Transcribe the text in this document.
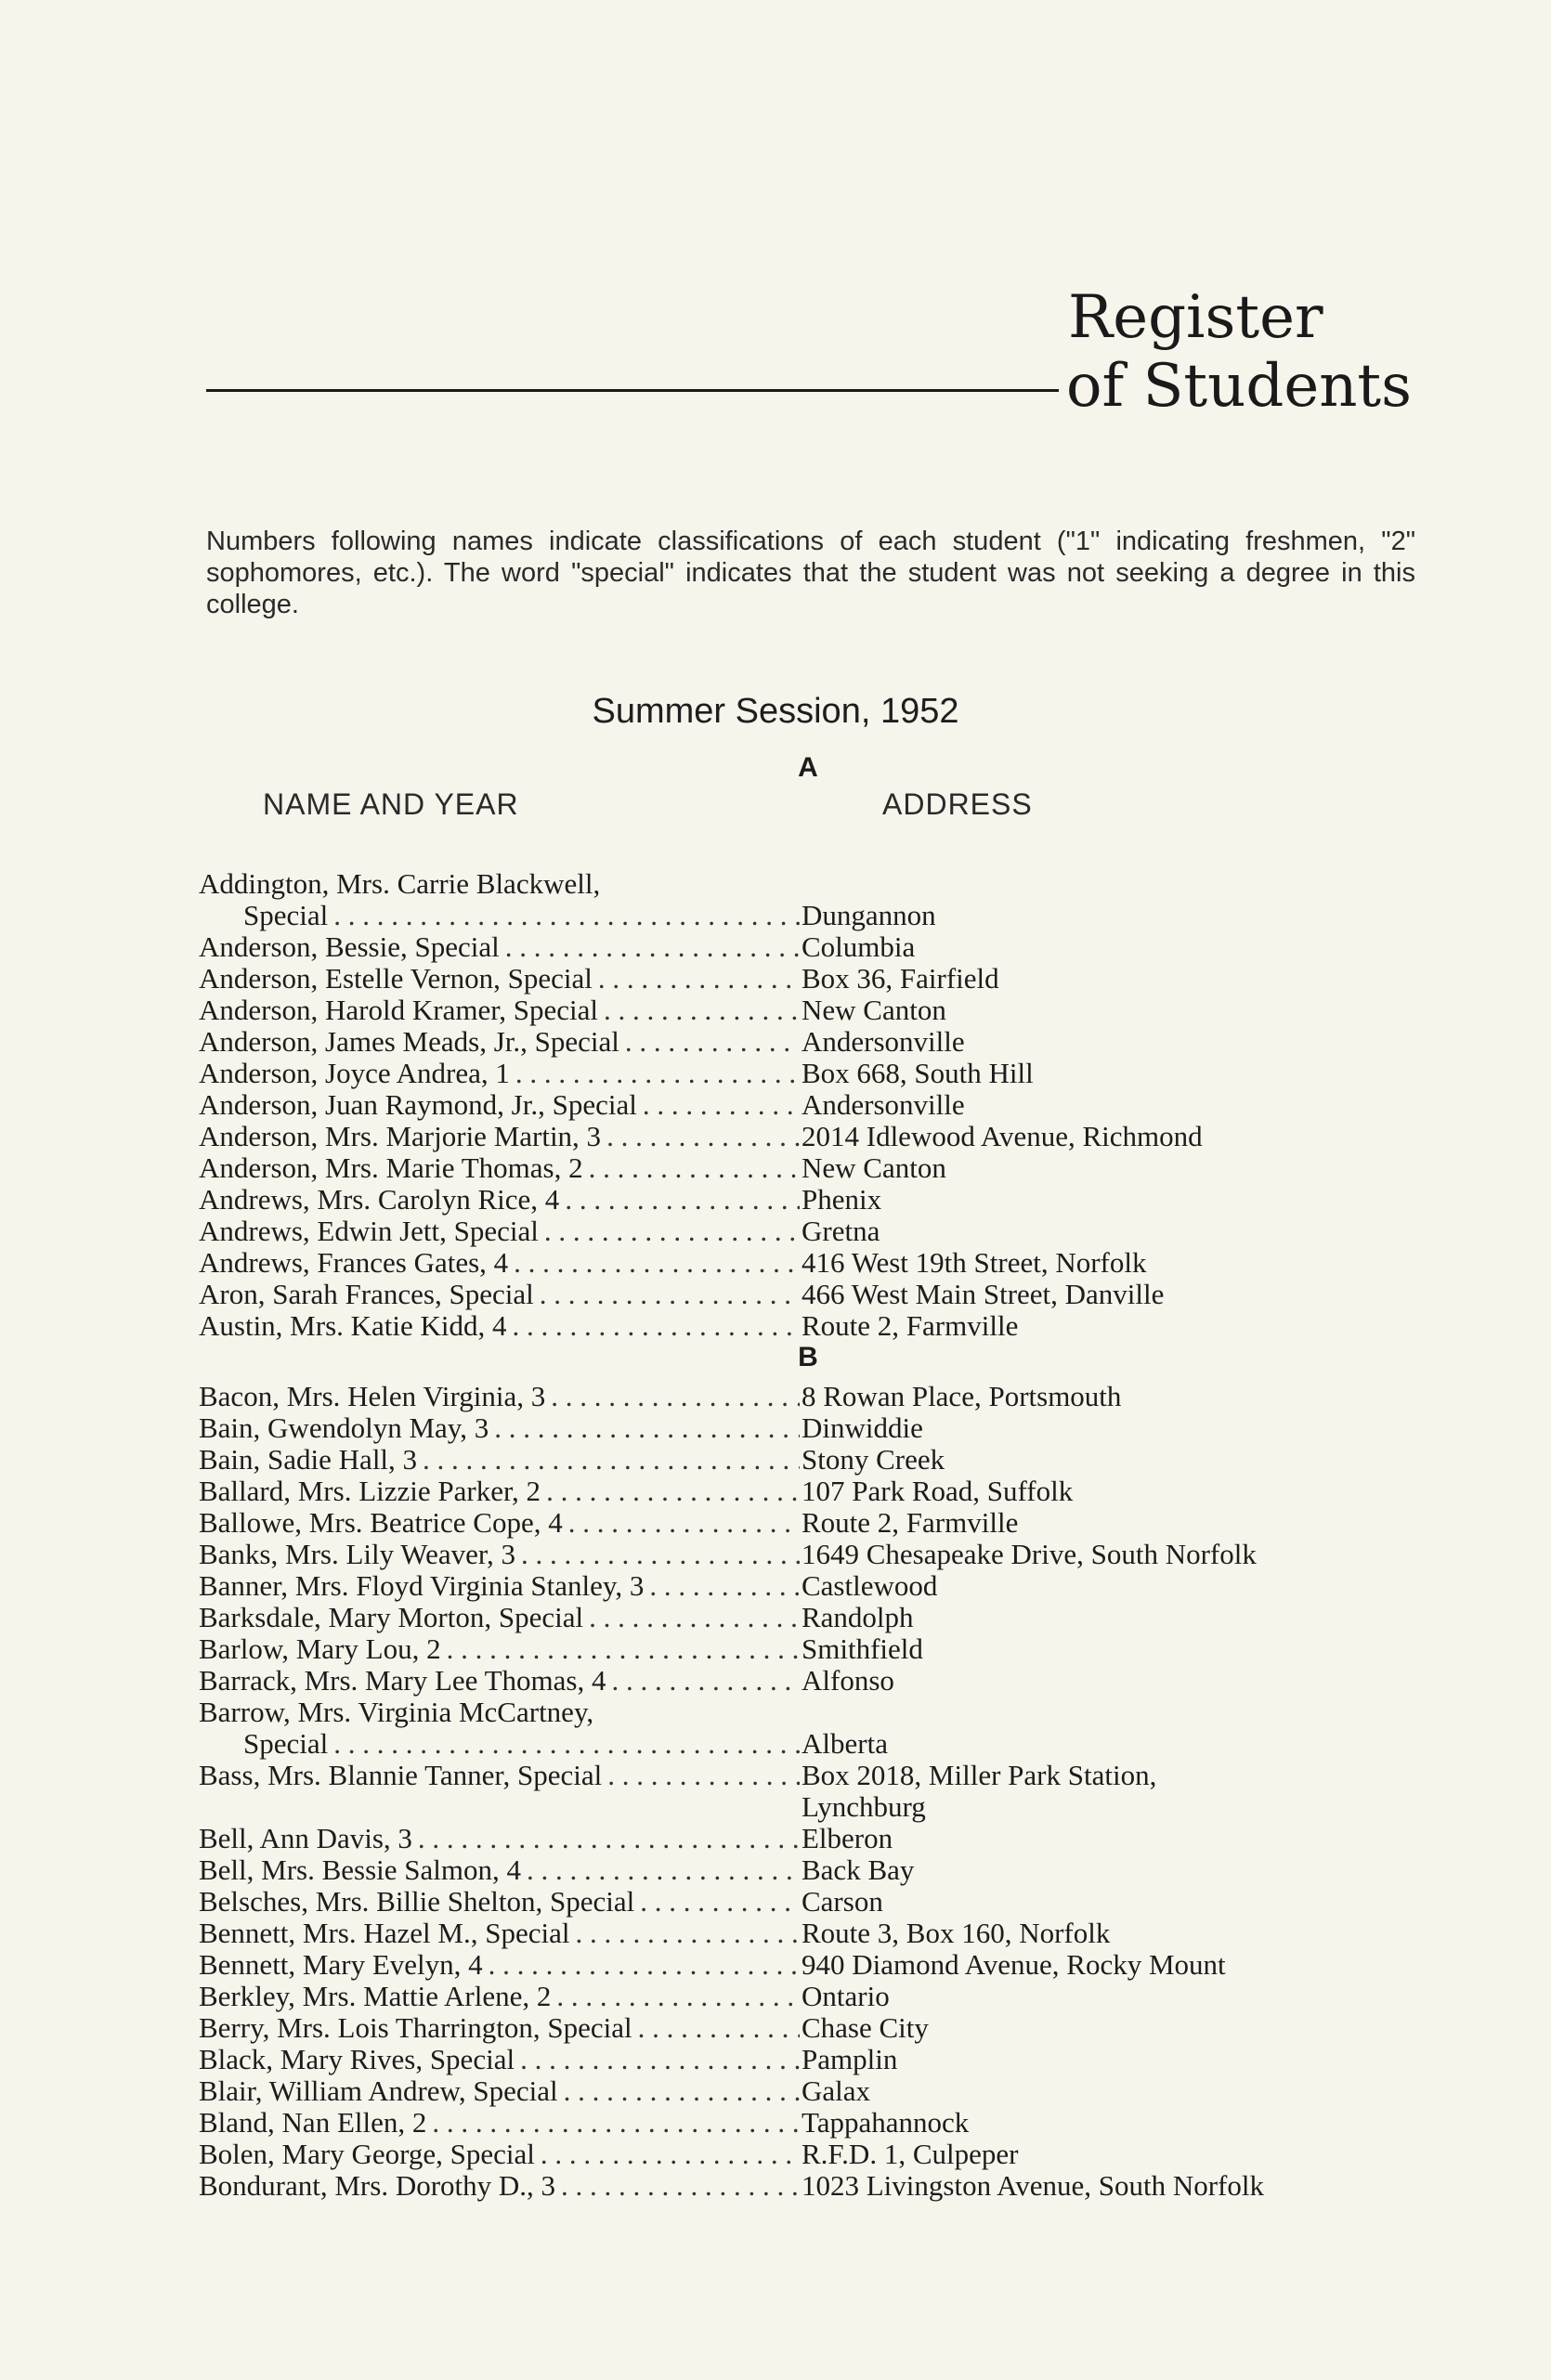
Register
of Students

Numbers following names indicate classifications of each student ("1" indicating freshmen, "2" sophomores, etc.). The word "special" indicates that the student was not seeking a degree in this college.

Summer Session, 1952
A
NAME AND YEAR	ADDRESS
Addington, Mrs. Carrie Blackwell,
Special . . .	Dungannon
Anderson, Bessie, Special . . .	Columbia
Anderson, Estelle Vernon, Special . . .	Box 36, Fairfield
Anderson, Harold Kramer, Special . . .	New Canton
Anderson, James Meads, Jr., Special . . .	Andersonville
Anderson, Joyce Andrea, 1 . . .	Box 668, South Hill
Anderson, Juan Raymond, Jr., Special . . .	Andersonville
Anderson, Mrs. Marjorie Martin, 3 . . .	2014 Idlewood Avenue, Richmond
Anderson, Mrs. Marie Thomas, 2 . . .	New Canton
Andrews, Mrs. Carolyn Rice, 4 . . .	Phenix
Andrews, Edwin Jett, Special . . .	Gretna
Andrews, Frances Gates, 4 . . .	416 West 19th Street, Norfolk
Aron, Sarah Frances, Special . . .	466 West Main Street, Danville
Austin, Mrs. Katie Kidd, 4 . . .	Route 2, Farmville
B
Bacon, Mrs. Helen Virginia, 3 . . .	8 Rowan Place, Portsmouth
Bain, Gwendolyn May, 3 . . .	Dinwiddie
Bain, Sadie Hall, 3 . . .	Stony Creek
Ballard, Mrs. Lizzie Parker, 2 . . .	107 Park Road, Suffolk
Ballowe, Mrs. Beatrice Cope, 4 . . .	Route 2, Farmville
Banks, Mrs. Lily Weaver, 3 . . .	1649 Chesapeake Drive, South Norfolk
Banner, Mrs. Floyd Virginia Stanley, 3 . . .	Castlewood
Barksdale, Mary Morton, Special . . .	Randolph
Barlow, Mary Lou, 2 . . .	Smithfield
Barrack, Mrs. Mary Lee Thomas, 4 . . .	Alfonso
Barrow, Mrs. Virginia McCartney,
Special . . .	Alberta
Bass, Mrs. Blannie Tanner, Special . . .	Box 2018, Miller Park Station,
Lynchburg
Bell, Ann Davis, 3 . . .	Elberon
Bell, Mrs. Bessie Salmon, 4 . . .	Back Bay
Belsches, Mrs. Billie Shelton, Special . . .	Carson
Bennett, Mrs. Hazel M., Special . . .	Route 3, Box 160, Norfolk
Bennett, Mary Evelyn, 4 . . .	940 Diamond Avenue, Rocky Mount
Berkley, Mrs. Mattie Arlene, 2 . . .	Ontario
Berry, Mrs. Lois Tharrington, Special . . .	Chase City
Black, Mary Rives, Special . . .	Pamplin
Blair, William Andrew, Special . . .	Galax
Bland, Nan Ellen, 2 . . .	Tappahannock
Bolen, Mary George, Special . . .	R.F.D. 1, Culpeper
Bondurant, Mrs. Dorothy D., 3 . . .	1023 Livingston Avenue, South Norfolk
